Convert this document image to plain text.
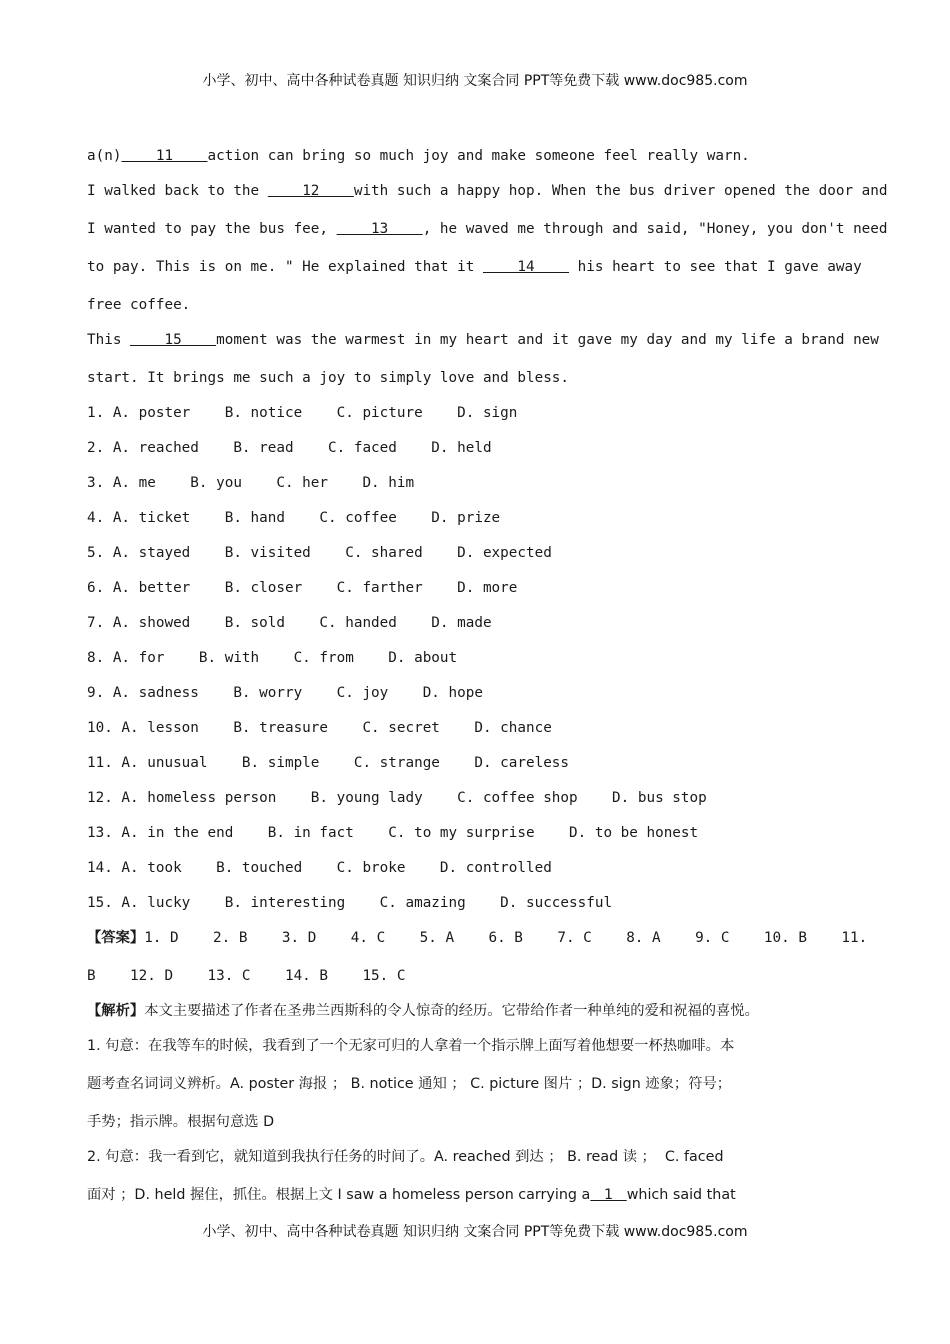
小学、初中、高中各种试卷真题 知识归纳 文案合同 PPT等免费下载 www.doc985.com
a(n)    11    action can bring so much joy and make someone feel really warn.
I walked back to the     12    with such a happy hop. When the bus driver opened the door and
I wanted to pay the bus fee,     13    , he waved me through and said, "Honey, you don't need
to pay. This is on me. " He explained that it     14     his heart to see that I gave away
free coffee.
This     15    moment was the warmest in my heart and it gave my day and my life a brand new
start. It brings me such a joy to simply love and bless.
1. A. poster    B. notice    C. picture    D. sign
2. A. reached    B. read    C. faced    D. held
3. A. me    B. you    C. her    D. him
4. A. ticket    B. hand    C. coffee    D. prize
5. A. stayed    B. visited    C. shared    D. expected
6. A. better    B. closer    C. farther    D. more
7. A. showed    B. sold    C. handed    D. made
8. A. for    B. with    C. from    D. about
9. A. sadness    B. worry    C. joy    D. hope
10. A. lesson    B. treasure    C. secret    D. chance
11. A. unusual    B. simple    C. strange    D. careless
12. A. homeless person    B. young lady    C. coffee shop    D. bus stop
13. A. in the end    B. in fact    C. to my surprise    D. to be honest
14. A. took    B. touched    C. broke    D. controlled
15. A. lucky    B. interesting    C. amazing    D. successful
【答案】1. D    2. B    3. D    4. C    5. A    6. B    7. C    8. A    9. C    10. B    11.
B    12. D    13. C    14. B    15. C
【解析】本文主要描述了作者在圣弗兰西斯科的令人惊奇的经历。它带给作者一种单纯的爱和祝福的喜悦。
1. 句意：在我等车的时候，我看到了一个无家可归的人拿着一个指示牌上面写着他想要一杯热咖啡。本
题考查名词词义辨析。A. poster 海报 ； B. notice 通知 ； C. picture 图片 ；D. sign 迹象；符号；
手势；指示牌。根据句意选 D
2. 句意：我一看到它，就知道到我执行任务的时间了。A. reached 到达 ； B. read 读 ；  C. faced
面对 ；D. held 握住，抓住。根据上文 I saw a homeless person carrying a   1   which said that
小学、初中、高中各种试卷真题 知识归纳 文案合同 PPT等免费下载 www.doc985.com
